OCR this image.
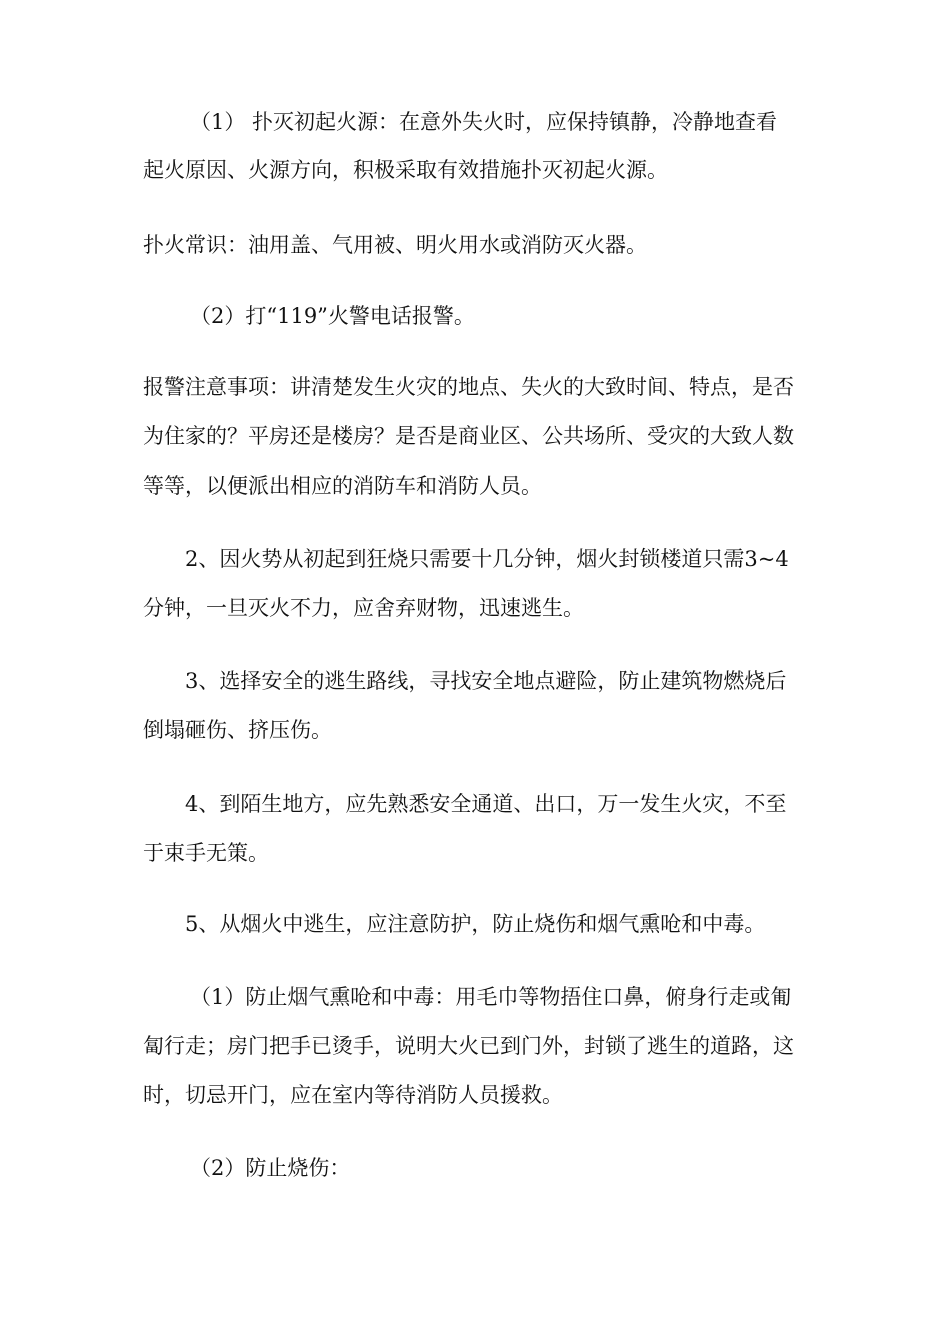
（1） 扑灭初起火源：在意外失火时，应保持镇静，冷静地查看
起火原因、火源方向，积极采取有效措施扑灭初起火源。
扑火常识：油用盖、气用被、明火用水或消防灭火器。
（2）打“119”火警电话报警。
报警注意事项：讲清楚发生火灾的地点、失火的大致时间、特点，是否
为住家的？平房还是楼房？是否是商业区、公共场所、受灾的大致人数
等等，以便派出相应的消防车和消防人员。
2、因火势从初起到狂烧只需要十几分钟，烟火封锁楼道只需3~4
分钟，一旦灭火不力，应舍弃财物，迅速逃生。
3、选择安全的逃生路线，寻找安全地点避险，防止建筑物燃烧后
倒塌砸伤、挤压伤。
4、到陌生地方，应先熟悉安全通道、出口，万一发生火灾，不至
于束手无策。
5、从烟火中逃生，应注意防护，防止烧伤和烟气熏呛和中毒。
（1）防止烟气熏呛和中毒：用毛巾等物捂住口鼻，俯身行走或匍
匐行走；房门把手已烫手，说明大火已到门外，封锁了逃生的道路，这
时，切忌开门，应在室内等待消防人员援救。
（2）防止烧伤：
